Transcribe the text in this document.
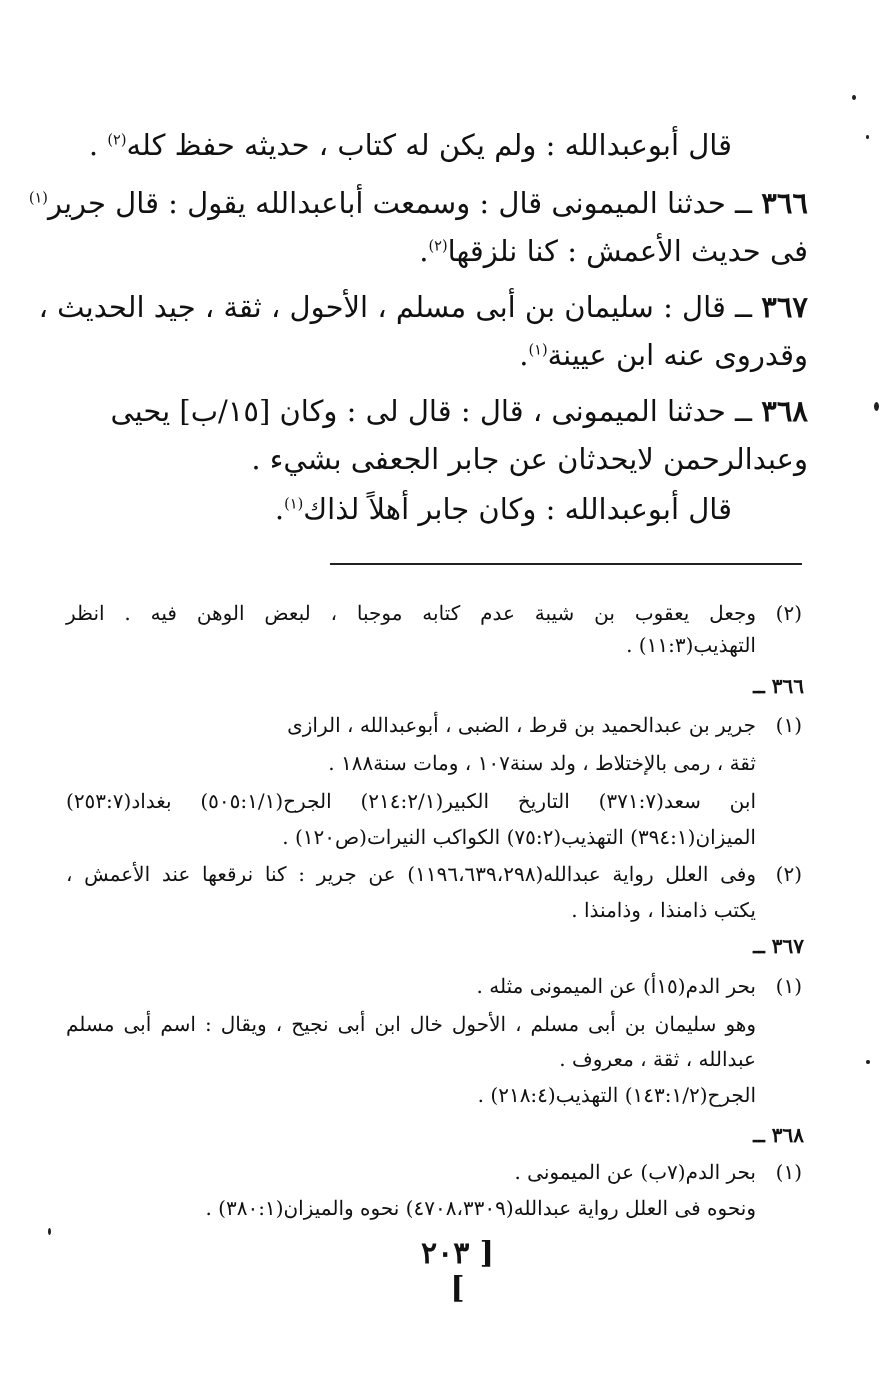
قال أبوعبدالله : ولم يكن له كتاب ، حديثه حفظ كله$^{(٢)}$ .
٣٦٦ ــ حدثنا الميمونى قال : وسمعت أباعبدالله يقول : قال جرير$^{(١)}$
فى حديث الأعمش : كنا نلزقها$^{(٢)}$.
٣٦٧ ــ قال : سليمان بن أبى مسلم ، الأحول ، ثقة ، جيد الحديث ،
وقدروى عنه ابن عيينة$^{(١)}$.
٣٦٨ ــ حدثنا الميمونى ، قال : قال لى : وكان [١٥/ب] يحيى
وعبدالرحمن لايحدثان عن جابر الجعفى بشيء .
قال أبوعبدالله : وكان جابر أهلاً لذاك$^{(١)}$.
(٢)
وجعل يعقوب بن شيبة عدم كتابه موجبا ، لبعض الوهن فيه . انظر
التهذيب(١١:٣) .
٣٦٦ ــ
(١)
جرير بن عبدالحميد بن قرط ، الضبى ، أبوعبدالله ، الرازى
ثقة ، رمى بالإختلاط ، ولد سنة١٠٧ ، ومات سنة١٨٨ .
ابن سعد(٣٧١:٧) التاريخ الكبير(٢١٤:٢/١) الجرح(٥٠٥:١/١) بغداد(٢٥٣:٧)
الميزان(٣٩٤:١) التهذيب(٧٥:٢) الكواكب النيرات(ص١٢٠) .
(٢)
وفى العلل رواية عبدالله(١١٩٦،٦٣٩،٢٩٨) عن جرير : كنا نرقعها عند الأعمش ،
يكتب ذامنذا ، وذامنذا .
٣٦٧ ــ
(١)
بحر الدم(١٥أ) عن الميمونى مثله .
وهو سليمان بن أبى مسلم ، الأحول خال ابن أبى نجيح ، ويقال : اسم أبى مسلم
عبدالله ، ثقة ، معروف .
الجرح(١٤٣:١/٢) التهذيب(٢١٨:٤) .
٣٦٨ ــ
(١)
بحر الدم(٧ب) عن الميمونى .
ونحوه فى العلل رواية عبدالله(٤٧٠٨،٣٣٠٩) نحوه والميزان(٣٨٠:١) .
[ ٢٠٣ ]
